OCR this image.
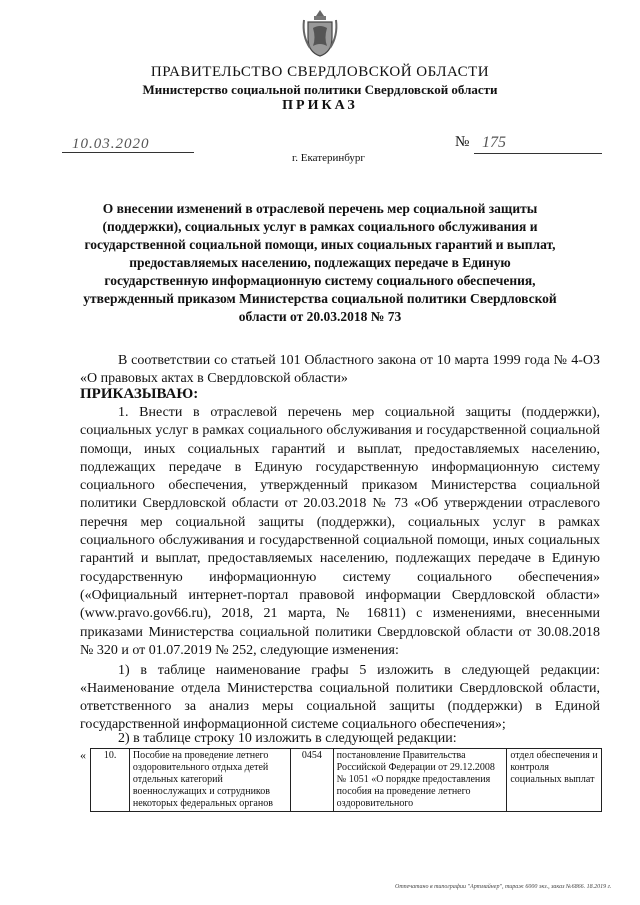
ПРАВИТЕЛЬСТВО СВЕРДЛОВСКОЙ ОБЛАСТИ
Министерство социальной политики Свердловской области
ПРИКАЗ
10.03.2020
г. Екатеринбург
№ 175
О внесении изменений в отраслевой перечень мер социальной защиты (поддержки), социальных услуг в рамках социального обслуживания и государственной социальной помощи, иных социальных гарантий и выплат, предоставляемых населению, подлежащих передаче в Единую государственную информационную систему социального обеспечения, утвержденный приказом Министерства социальной политики Свердловской области от 20.03.2018 № 73
В соответствии со статьей 101 Областного закона от 10 марта 1999 года № 4-ОЗ «О правовых актах в Свердловской области»
ПРИКАЗЫВАЮ:
1. Внести в отраслевой перечень мер социальной защиты (поддержки), социальных услуг в рамках социального обслуживания и государственной социальной помощи, иных социальных гарантий и выплат, предоставляемых населению, подлежащих передаче в Единую государственную информационную систему социального обеспечения, утвержденный приказом Министерства социальной политики Свердловской области от 20.03.2018 № 73 «Об утверждении отраслевого перечня мер социальной защиты (поддержки), социальных услуг в рамках социального обслуживания и государственной социальной помощи, иных социальных гарантий и выплат, предоставляемых населению, подлежащих передаче в Единую государственную информационную систему социального обеспечения» («Официальный интернет-портал правовой информации Свердловской области» (www.pravo.gov66.ru), 2018, 21 марта, № 16811) с изменениями, внесенными приказами Министерства социальной политики Свердловской области от 30.08.2018 № 320 и от 01.07.2019 № 252, следующие изменения:
1) в таблице наименование графы 5 изложить в следующей редакции: «Наименование отдела Министерства социальной политики Свердловской области, ответственного за анализ меры социальной защиты (поддержки) в Единой государственной информационной системе социального обеспечения»;
2) в таблице строку 10 изложить в следующей редакции:
«	10.	Пособие на проведение летнего оздоровительного отдыха детей отдельных категорий военнослужащих и сотрудников некоторых федеральных органов	0454	постановление Правительства Российской Федерации от 29.12.2008 № 1051 «О порядке предоставления пособия на проведение летнего оздоровительного	отдел обеспечения и контроля социальных выплат
Отпечатано в типографии "Артмайнер", тираж 6000 экз., заказ №6866. 18.2019 г.
